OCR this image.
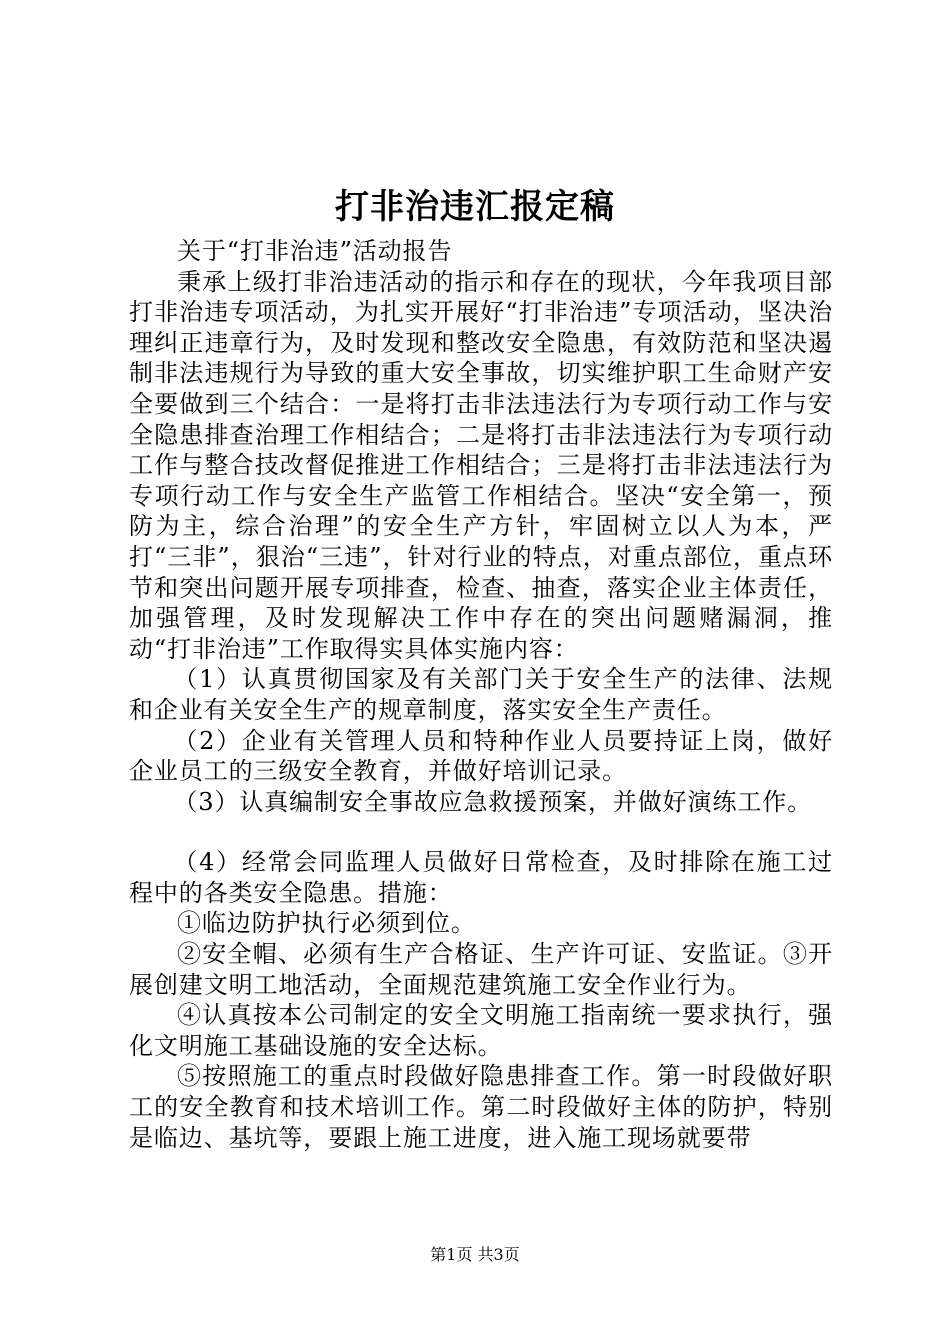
打非治违汇报定稿

关于“打非治违”活动报告

秉承上级打非治违活动的指示和存在的现状，今年我项目部打非治违专项活动，为扎实开展好“打非治违”专项活动，坚决治理纠正违章行为，及时发现和整改安全隐患，有效防范和坚决遏制非法违规行为导致的重大安全事故，切实维护职工生命财产安全要做到三个结合：一是将打击非法违法行为专项行动工作与安全隐患排查治理工作相结合；二是将打击非法违法行为专项行动工作与整合技改督促推进工作相结合；三是将打击非法违法行为专项行动工作与安全生产监管工作相结合。坚决“安全第一，预防为主，综合治理”的安全生产方针，牢固树立以人为本，严打“三非”，狠治“三违”，针对行业的特点，对重点部位，重点环节和突出问题开展专项排查，检查、抽查，落实企业主体责任，加强管理，及时发现解决工作中存在的突出问题赌漏洞，推动“打非治违”工作取得实具体实施内容：

（1）认真贯彻国家及有关部门关于安全生产的法律、法规和企业有关安全生产的规章制度，落实安全生产责任。

（2）企业有关管理人员和特种作业人员要持证上岗，做好企业员工的三级安全教育，并做好培训记录。

（3）认真编制安全事故应急救援预案，并做好演练工作。

（4）经常会同监理人员做好日常检查，及时排除在施工过程中的各类安全隐患。措施：

①临边防护执行必须到位。

②安全帽、必须有生产合格证、生产许可证、安监证。③开展创建文明工地活动，全面规范建筑施工安全作业行为。

④认真按本公司制定的安全文明施工指南统一要求执行，强化文明施工基础设施的安全达标。

⑤按照施工的重点时段做好隐患排查工作。第一时段做好职工的安全教育和技术培训工作。第二时段做好主体的防护，特别是临边、基坑等，要跟上施工进度，进入施工现场就要带

第1页 共3页
